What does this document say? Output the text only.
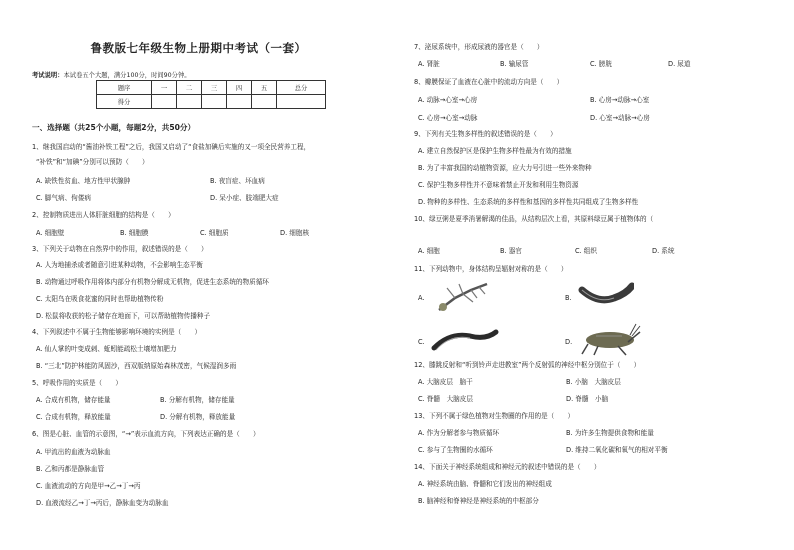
鲁教版七年级生物上册期中考试（一套）
考试说明：本试卷五个大题，满分100分，时间90分钟。
题序	一	二	三	四	五	总分
得分						
一、选择题（共25个小题，每题2分，共50分）
1、继我国启动的“酱油补铁工程”之后，我国又启动了“食盐加碘后实施的又一项全民营养工程，
“补铁”和“加碘”分别可以预防（　　）
A. 缺铁性贫血、地方性甲状腺肿	B. 夜盲症、坏血病
C. 脚气病、佝偻病	D. 呆小症、肢端肥大症
2、控制物质进出人体肝脏细胞的结构是（　　）
A. 细胞壁	B. 细胞膜	C. 细胞质	D. 细胞核
3、下列关于动物在自然界中的作用，叙述错误的是（　　）
A. 人为地捕杀或者随意引进某种动物，不会影响生态平衡
B. 动物通过呼吸作用将体内部分有机物分解成无机物，促进生态系统的物质循环
C. 太阳鸟在吸食花蜜的同时也帮助植物传粉
D. 松鼠将收获的松子储存在地面下，可以帮助植物传播种子
4、下列叙述中不属于生物能够影响环境的实例是（　　）
A. 仙人掌的叶变成刺、蚯蚓能疏松土壤增加肥力
B. “三北”防护林能防风固沙，西双版纳原始森林茂密，气候湿润多雨
5、呼吸作用的实质是（　　）
A. 合成有机物，储存能量	B. 分解有机物，储存能量
C. 合成有机物，释放能量	D. 分解有机物，释放能量
6、图是心脏、血管的示意图，“→”表示血流方向，下列表达正确的是（　　）
A. 甲流出的血液为动脉血
B. 乙和丙都是静脉血管
C. 血液流动的方向是甲→乙→丁→丙
D. 血液流经乙→丁→丙后，静脉血变为动脉血
7、泌尿系统中，形成尿液的器官是（　　）
A. 肾脏	B. 输尿管	C. 膀胱	D. 尿道
8、瓣膜保证了血液在心脏中的流动方向是（　　）
A. 动脉→心室→心房	B. 心房→动脉→心室
C. 心房→心室→动脉	D. 心室→动脉→心房
9、下列有关生物多样性的叙述错误的是（　　）
A. 建立自然保护区是保护生物多样性最为有效的措施
B. 为了丰富我国的动植物资源，应大力号引进一些外来物种
C. 保护生物多样性并不意味着禁止开发和利用生物资源
D. 物种的多样性、生态系统的多样性和基因的多样性共同组成了生物多样性
10、绿豆粥是夏季消暑解渴的佳品，从结构层次上看，其原料绿豆属于植物体的（
A. 细胞	B. 器官	C. 组织	D. 系统
11、下列动物中，身体结构呈辐射对称的是（　　）
A.	B.
C.	D.
12、膝跳反射和“听到铃声走进教室”两个反射弧的神经中枢分别位于（　　）
A. 大脑皮层　脑干	B. 小脑　大脑皮层
C. 脊髓　大脑皮层	D. 脊髓　小脑
13、下列不属于绿色植物对生物圈的作用的是（　　）
A. 作为分解者参与物质循环	B. 为许多生物提供食物和能量
C. 参与了生物圈的水循环	D. 维持二氧化碳和氧气的相对平衡
14、下面关于神经系统组成和神经元的叙述中错误的是（　　）
A. 神经系统由脑、脊髓和它们发出的神经组成
B. 脑神经和脊神经是神经系统的中枢部分
